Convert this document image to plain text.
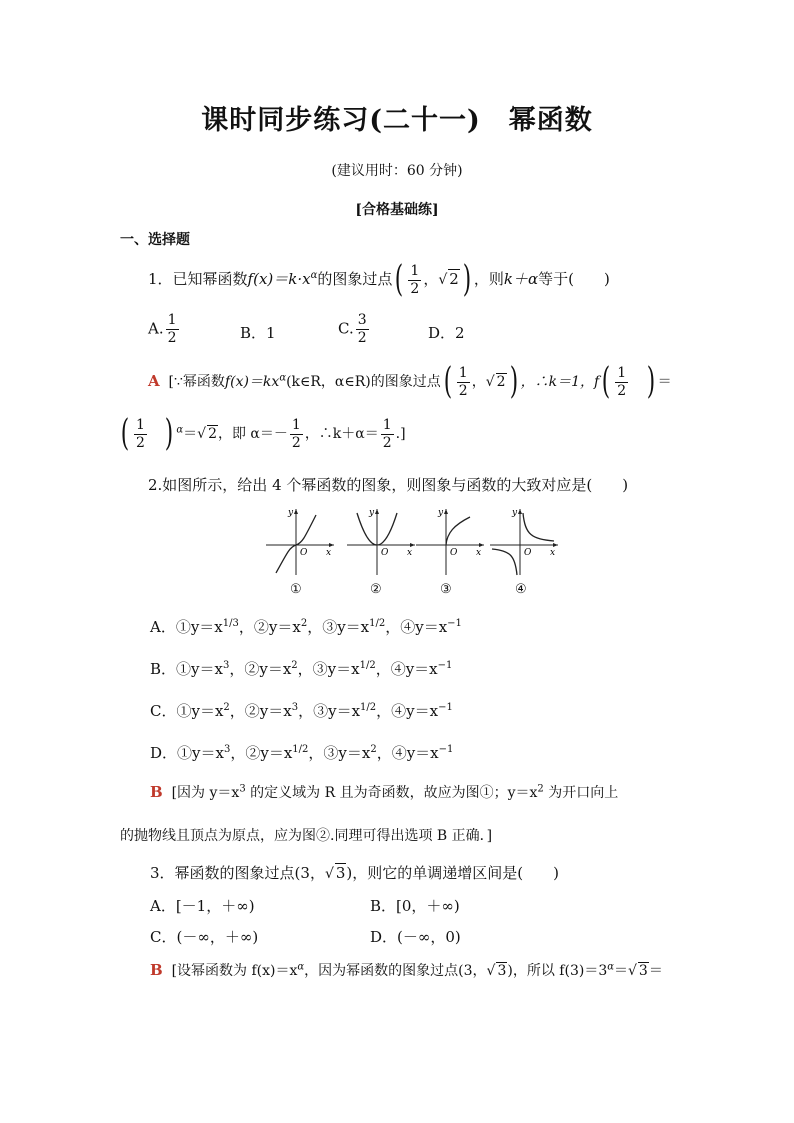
课时同步练习(二十一)　幂函数
(建议用时：60 分钟)
[合格基础练]
一、选择题
1．已知幂函数$f(x)=k\cdot x^\alpha$的图象过点( $\frac{1}{2}$ ，√ 2 ) ，则k＋α等于(　　)
A. $\frac{1}{2}$	B．1	C. $\frac{3}{2}$	D．2
A [∵幂函数$f(x)=kx^\alpha(k\in R$，α∈R)的图象过点( $\frac{1}{2}$ ，√ 2 ) ，∴k＝1，$f( \frac{1}{2}$ ) ＝
( $\frac{1}{2}$ ) $^\alpha$＝√ 2，即 $\alpha=- \frac{1}{2}$ ，∴k＋α＝ $\frac{1}{2}$ .]
2.如图所示，给出 4 个幂函数的图象，则图象与函数的大致对应是(　　)
y
O x
y
O x
y
O x
y
O x
①	②	③	④
A．$①y=x^{1/3}$，$②y=x^2$，$③y=x^{1/2}$，$④y=x^{-1}$
B．$①y=x^3$，$②y=x^2$，$③y=x^{1/2}$，$④y=x^{-1}$
C．$①y=x^2$，$②y=x^3$，$③y=x^{1/2}$，$④y=x^{-1}$
D．$①y=x^3$，$②y=x^{1/2}$，$③y=x^2$，$④y=x^{-1}$
B [因为 $y=x^3$ 的定义域为 R 且为奇函数，故应为图①；$y=x^2$ 为开口向上
的抛物线且顶点为原点，应为图②.同理可得出选项 B 正确．]
3．幂函数的图象过点(3，√ 3)，则它的单调递增区间是(　　)
A．[－1，＋∞)	B．[0，＋∞)
C．(－∞，＋∞)	D．(－∞，0)
B [设幂函数为 $f(x)=x^\alpha$，因为幂函数的图象过点(3，√ 3)，所以 $f(3)=3^\alpha=√$ 3＝
